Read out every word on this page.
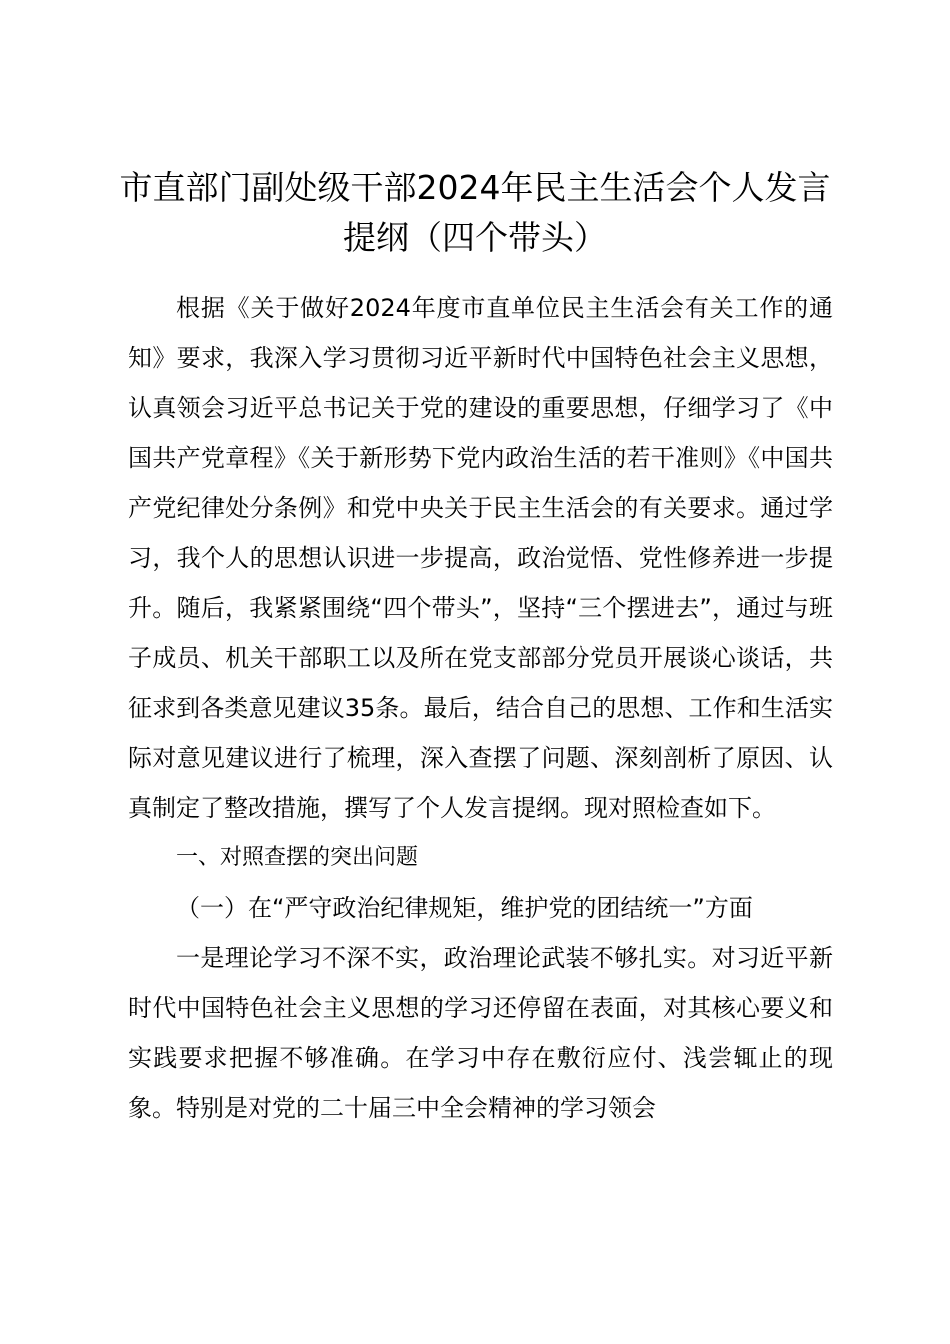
市直部门副处级干部2024年民主生活会个人发言提纲（四个带头）

根据《关于做好2024年度市直单位民主生活会有关工作的通知》要求，我深入学习贯彻习近平新时代中国特色社会主义思想，认真领会习近平总书记关于党的建设的重要思想，仔细学习了《中国共产党章程》《关于新形势下党内政治生活的若干准则》《中国共产党纪律处分条例》和党中央关于民主生活会的有关要求。通过学习，我个人的思想认识进一步提高，政治觉悟、党性修养进一步提升。随后，我紧紧围绕“四个带头”，坚持“三个摆进去”，通过与班子成员、机关干部职工以及所在党支部部分党员开展谈心谈话，共征求到各类意见建议35条。最后，结合自己的思想、工作和生活实际对意见建议进行了梳理，深入查摆了问题、深刻剖析了原因、认真制定了整改措施，撰写了个人发言提纲。现对照检查如下。

一、对照查摆的突出问题

（一）在“严守政治纪律规矩，维护党的团结统一”方面

一是理论学习不深不实，政治理论武装不够扎实。对习近平新时代中国特色社会主义思想的学习还停留在表面，对其核心要义和实践要求把握不够准确。在学习中存在敷衍应付、浅尝辄止的现象。特别是对党的二十届三中全会精神的学习领会
